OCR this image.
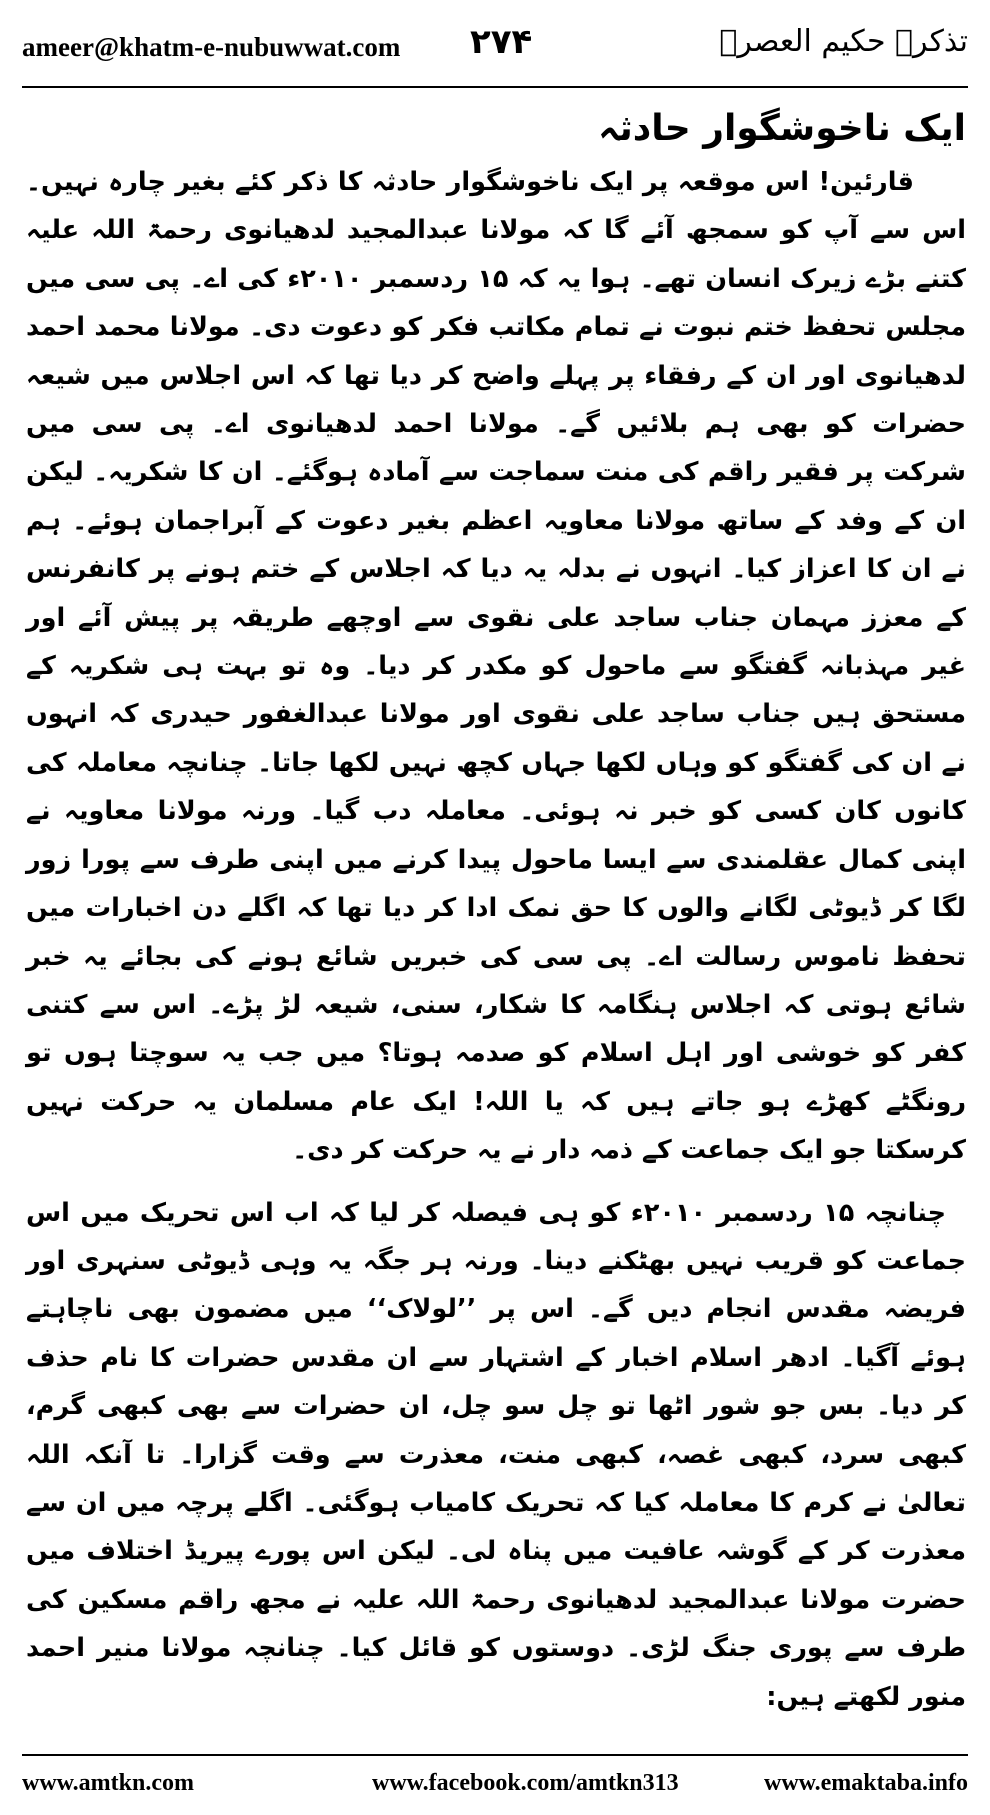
ameer@khatm-e-nubuwwat.com ۲۷۴	تذکرہ حکیم العصرؒ
ایک ناخوشگوار حادثہ

قارئین! اس موقعہ پر ایک ناخوشگوار حادثہ کا ذکر کئے بغیر چارہ نہیں۔ اس سے آپ کو سمجھ آئے گا کہ مولانا عبدالمجید لدھیانوی رحمۃ اللہ علیہ کتنے بڑے زیرک انسان تھے۔ ہوا یہ کہ ۱۵ ردسمبر ۲۰۱۰ء کی اے۔ پی سی میں مجلس تحفظ ختم نبوت نے تمام مکاتب فکر کو دعوت دی۔ مولانا محمد احمد لدھیانوی اور ان کے رفقاء پر پہلے واضح کر دیا تھا کہ اس اجلاس میں شیعہ حضرات کو بھی ہم بلائیں گے۔ مولانا احمد لدھیانوی اے۔ پی سی میں شرکت پر فقیر راقم کی منت سماجت سے آمادہ ہوگئے۔ ان کا شکریہ۔ لیکن ان کے وفد کے ساتھ مولانا معاویہ اعظم بغیر دعوت کے آبراجمان ہوئے۔ ہم نے ان کا اعزاز کیا۔ انہوں نے بدلہ یہ دیا کہ اجلاس کے ختم ہونے پر کانفرنس کے معزز مہمان جناب ساجد علی نقوی سے اوچھے طریقہ پر پیش آئے اور غیر مہذبانہ گفتگو سے ماحول کو مکدر کر دیا۔ وہ تو بہت ہی شکریہ کے مستحق ہیں جناب ساجد علی نقوی اور مولانا عبدالغفور حیدری کہ انہوں نے ان کی گفتگو کو وہاں لکھا جہاں کچھ نہیں لکھا جاتا۔ چنانچہ معاملہ کی کانوں کان کسی کو خبر نہ ہوئی۔ معاملہ دب گیا۔ ورنہ مولانا معاویہ نے اپنی کمال عقلمندی سے ایسا ماحول پیدا کرنے میں اپنی طرف سے پورا زور لگا کر ڈیوٹی لگانے والوں کا حق نمک ادا کر دیا تھا کہ اگلے دن اخبارات میں تحفظ ناموس رسالت اے۔ پی سی کی خبریں شائع ہونے کی بجائے یہ خبر شائع ہوتی کہ اجلاس ہنگامہ کا شکار، سنی، شیعہ لڑ پڑے۔ اس سے کتنی کفر کو خوشی اور اہل اسلام کو صدمہ ہوتا؟ میں جب یہ سوچتا ہوں تو رونگٹے کھڑے ہو جاتے ہیں کہ یا اللہ! ایک عام مسلمان یہ حرکت نہیں کرسکتا جو ایک جماعت کے ذمہ دار نے یہ حرکت کر دی۔

چنانچہ ۱۵ ردسمبر ۲۰۱۰ء کو ہی فیصلہ کر لیا کہ اب اس تحریک میں اس جماعت کو قریب نہیں بھٹکنے دینا۔ ورنہ ہر جگہ یہ وہی ڈیوٹی سنہری اور فریضہ مقدس انجام دیں گے۔ اس پر ’’لولاک‘‘ میں مضمون بھی ناچاہتے ہوئے آگیا۔ ادھر اسلام اخبار کے اشتہار سے ان مقدس حضرات کا نام حذف کر دیا۔ بس جو شور اٹھا تو چل سو چل، ان حضرات سے بھی کبھی گرم، کبھی سرد، کبھی غصہ، کبھی منت، معذرت سے وقت گزارا۔ تا آنکہ اللہ تعالیٰ نے کرم کا معاملہ کیا کہ تحریک کامیاب ہوگئی۔ اگلے پرچہ میں ان سے معذرت کر کے گوشہ عافیت میں پناہ لی۔ لیکن اس پورے پیریڈ اختلاف میں حضرت مولانا عبدالمجید لدھیانوی رحمۃ اللہ علیہ نے مجھ راقم مسکین کی طرف سے پوری جنگ لڑی۔ دوستوں کو قائل کیا۔ چنانچہ مولانا منیر احمد منور لکھتے ہیں:

www.amtkn.com	www.facebook.com/amtkn313	www.emaktaba.info
